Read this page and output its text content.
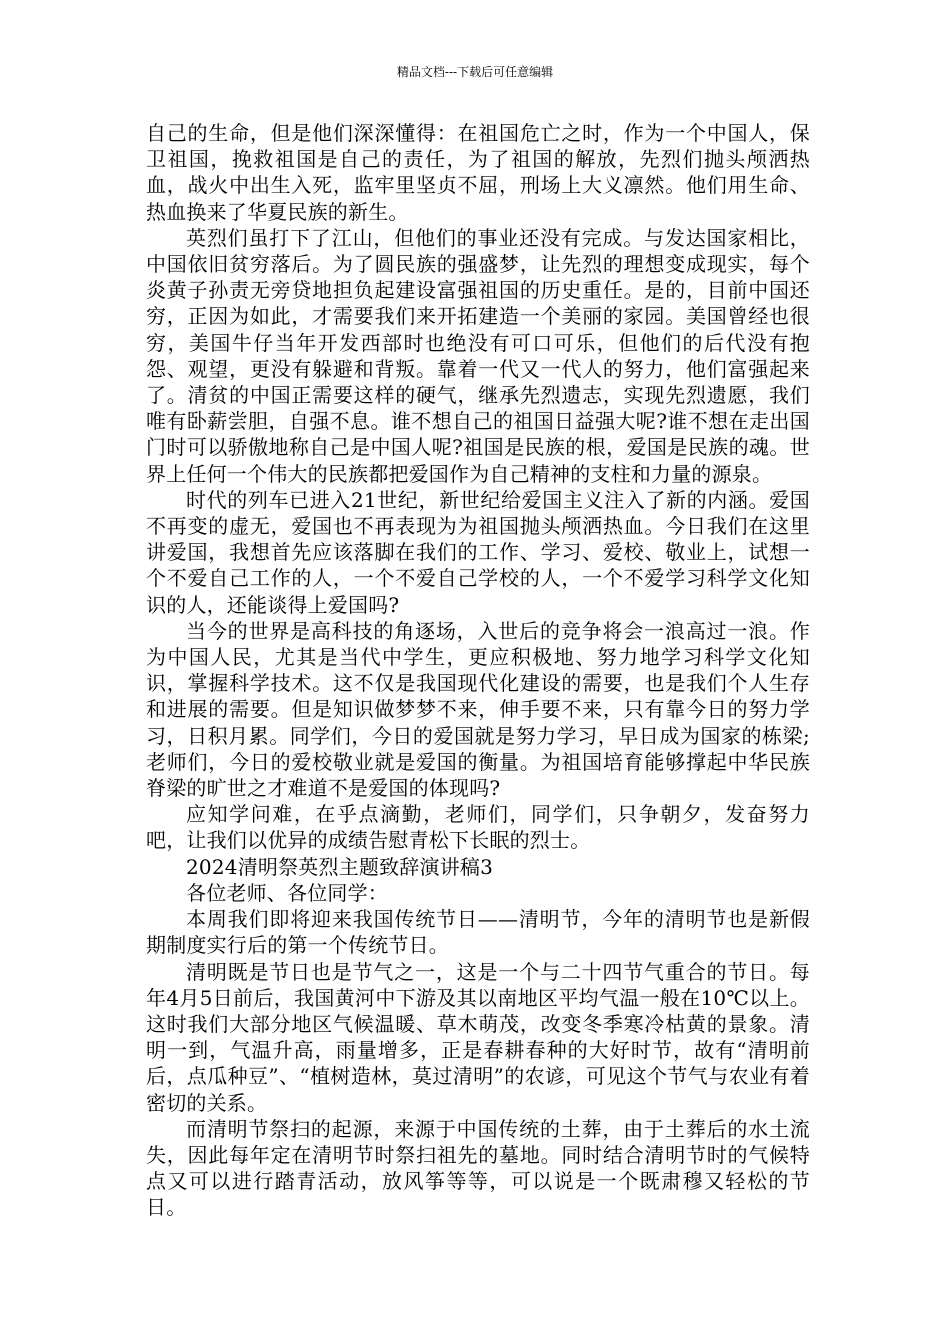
精品文档---下载后可任意编辑

自己的生命，但是他们深深懂得：在祖国危亡之时，作为一个中国人，保卫祖国，挽救祖国是自己的责任，为了祖国的解放，先烈们抛头颅洒热血，战火中出生入死，监牢里坚贞不屈，刑场上大义凛然。他们用生命、热血换来了华夏民族的新生。

英烈们虽打下了江山，但他们的事业还没有完成。与发达国家相比，中国依旧贫穷落后。为了圆民族的强盛梦，让先烈的理想变成现实，每个炎黄子孙责无旁贷地担负起建设富强祖国的历史重任。是的，目前中国还穷，正因为如此，才需要我们来开拓建造一个美丽的家园。美国曾经也很穷，美国牛仔当年开发西部时也绝没有可口可乐，但他们的后代没有抱怨、观望，更没有躲避和背叛。靠着一代又一代人的努力，他们富强起来了。清贫的中国正需要这样的硬气，继承先烈遗志，实现先烈遗愿，我们唯有卧薪尝胆，自强不息。谁不想自己的祖国日益强大呢?谁不想在走出国门时可以骄傲地称自己是中国人呢?祖国是民族的根，爱国是民族的魂。世界上任何一个伟大的民族都把爱国作为自己精神的支柱和力量的源泉。

时代的列车已进入21世纪，新世纪给爱国主义注入了新的内涵。爱国不再变的虚无，爱国也不再表现为为祖国抛头颅洒热血。今日我们在这里讲爱国，我想首先应该落脚在我们的工作、学习、爱校、敬业上，试想一个不爱自己工作的人，一个不爱自己学校的人，一个不爱学习科学文化知识的人，还能谈得上爱国吗?

当今的世界是高科技的角逐场，入世后的竞争将会一浪高过一浪。作为中国人民，尤其是当代中学生，更应积极地、努力地学习科学文化知识，掌握科学技术。这不仅是我国现代化建设的需要，也是我们个人生存和进展的需要。但是知识做梦梦不来，伸手要不来，只有靠今日的努力学习，日积月累。同学们，今日的爱国就是努力学习，早日成为国家的栋梁;老师们，今日的爱校敬业就是爱国的衡量。为祖国培育能够撑起中华民族脊梁的旷世之才难道不是爱国的体现吗?

应知学问难，在乎点滴勤，老师们，同学们，只争朝夕，发奋努力吧，让我们以优异的成绩告慰青松下长眠的烈士。

2024清明祭英烈主题致辞演讲稿3

各位老师、各位同学：

本周我们即将迎来我国传统节日——清明节，今年的清明节也是新假期制度实行后的第一个传统节日。

清明既是节日也是节气之一，这是一个与二十四节气重合的节日。每年4月5日前后，我国黄河中下游及其以南地区平均气温一般在10℃以上。这时我们大部分地区气候温暖、草木萌茂，改变冬季寒冷枯黄的景象。清明一到，气温升高，雨量增多，正是春耕春种的大好时节，故有“清明前后，点瓜种豆”、“植树造林，莫过清明”的农谚，可见这个节气与农业有着密切的关系。

而清明节祭扫的起源，来源于中国传统的土葬，由于土葬后的水土流失，因此每年定在清明节时祭扫祖先的墓地。同时结合清明节时的气候特点又可以进行踏青活动，放风筝等等，可以说是一个既肃穆又轻松的节日。
